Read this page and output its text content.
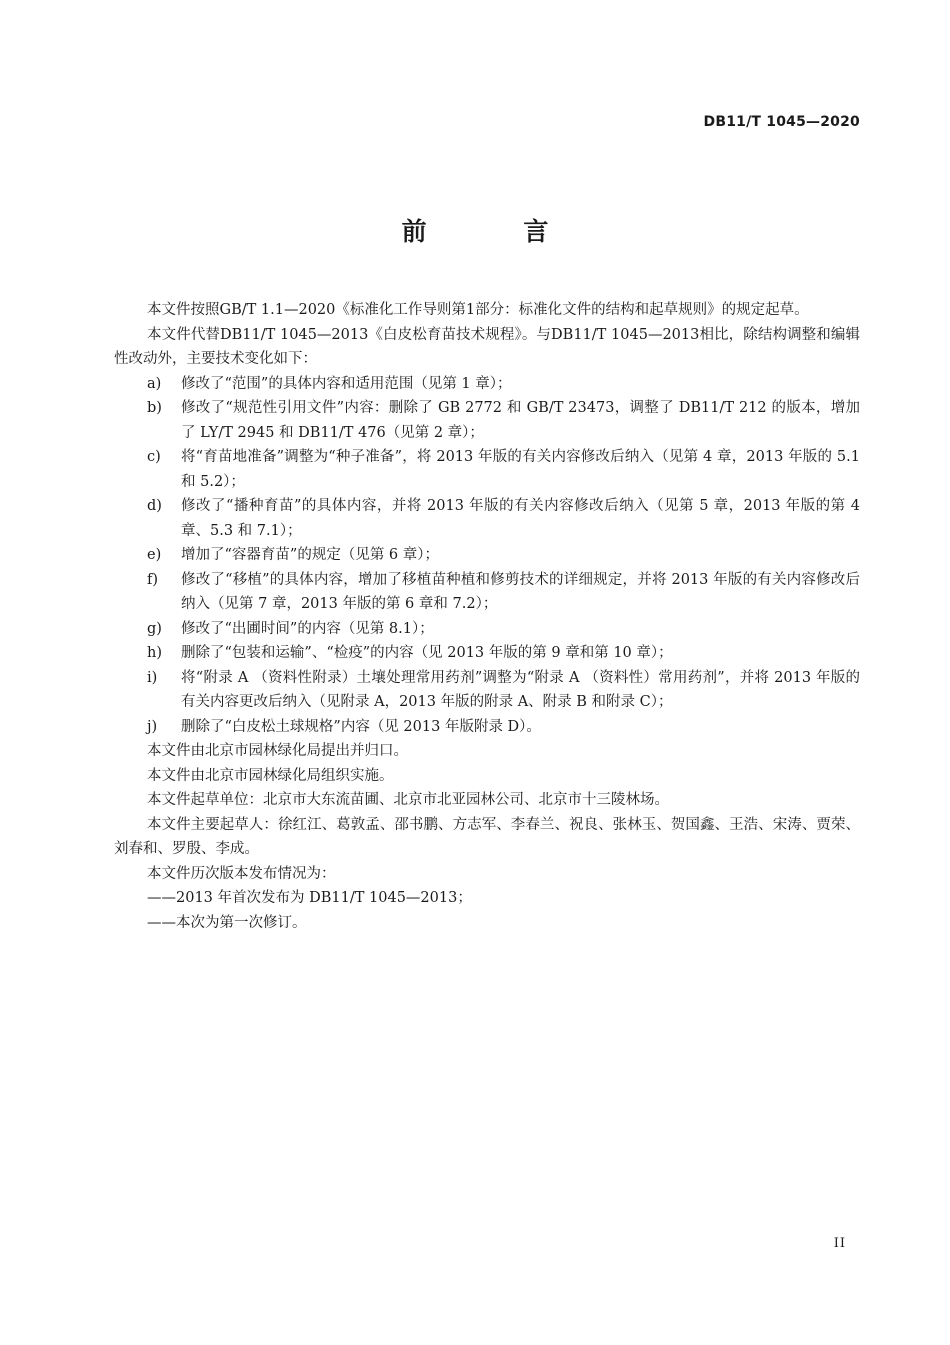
DB11/T 1045—2020
前 言

本文件按照GB/T 1.1—2020《标准化工作导则第1部分：标准化文件的结构和起草规则》的规定起草。

本文件代替DB11/T 1045—2013《白皮松育苗技术规程》。与DB11/T 1045—2013相比，除结构调整和编辑性改动外，主要技术变化如下：

a) 修改了“范围”的具体内容和适用范围（见第 1 章）；

b) 修改了“规范性引用文件”内容：删除了 GB 2772 和 GB/T 23473，调整了 DB11/T 212 的版本，增加了 LY/T 2945 和 DB11/T 476（见第 2 章）；

c) 将“育苗地准备”调整为“种子准备”，将 2013 年版的有关内容修改后纳入（见第 4 章，2013 年版的 5.1 和 5.2）；

d) 修改了“播种育苗”的具体内容，并将 2013 年版的有关内容修改后纳入（见第 5 章，2013 年版的第 4 章、5.3 和 7.1）；

e) 增加了“容器育苗”的规定（见第 6 章）；

f) 修改了“移植”的具体内容，增加了移植苗种植和修剪技术的详细规定，并将 2013 年版的有关内容修改后纳入（见第 7 章，2013 年版的第 6 章和 7.2）；

g) 修改了“出圃时间”的内容（见第 8.1）；

h) 删除了“包装和运输”、“检疫”的内容（见 2013 年版的第 9 章和第 10 章）；

i) 将“附录 A （资料性附录）土壤处理常用药剂”调整为“附录 A （资料性）常用药剂”，并将 2013 年版的有关内容更改后纳入（见附录 A，2013 年版的附录 A、附录 B 和附录 C）；

j) 删除了“白皮松土球规格”内容（见 2013 年版附录 D）。

本文件由北京市园林绿化局提出并归口。

本文件由北京市园林绿化局组织实施。

本文件起草单位：北京市大东流苗圃、北京市北亚园林公司、北京市十三陵林场。

本文件主要起草人：徐红江、葛敦孟、邵书鹏、方志军、李春兰、祝良、张林玉、贺国鑫、王浩、宋涛、贾荣、刘春和、罗殷、李成。

本文件历次版本发布情况为：

——2013 年首次发布为 DB11/T 1045—2013；

——本次为第一次修订。

II
